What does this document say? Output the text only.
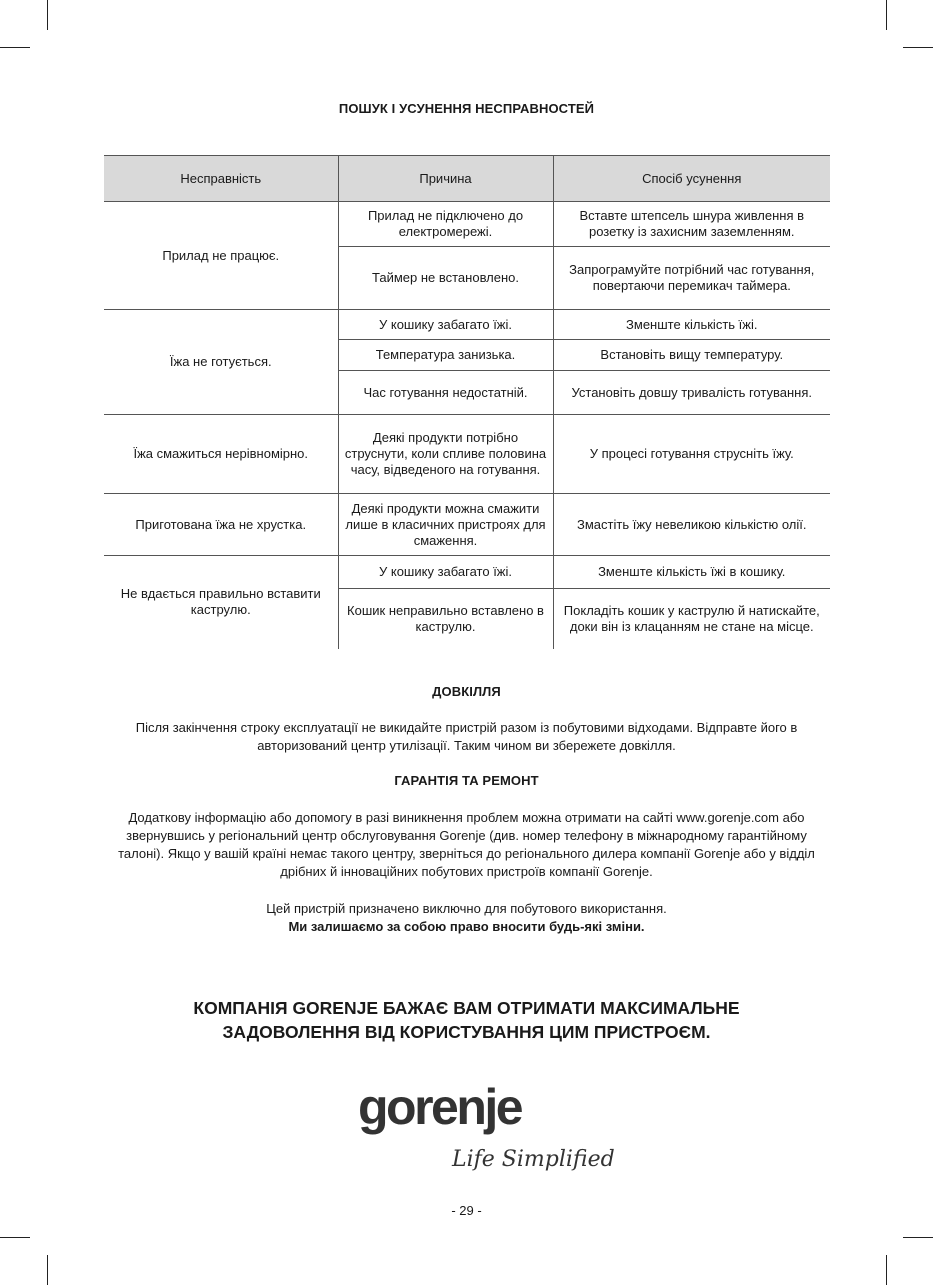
ПОШУК І УСУНЕННЯ НЕСПРАВНОСТЕЙ
Несправність	Причина	Спосіб усунення
Прилад не працює.	Прилад не підключено до електромережі.	Вставте штепсель шнура живлення в розетку із захисним заземленням.
	Таймер не встановлено.	Запрограмуйте потрібний час готування, повертаючи перемикач таймера.
Їжа не готується.	У кошику забагато їжі.	Зменште кількість їжі.
	Температура занизька.	Встановіть вищу температуру.
	Час готування недостатній.	Установіть довшу тривалість готування.
Їжа смажиться нерівномірно.	Деякі продукти потрібно струснути, коли спливе половина часу, відведеного на готування.	У процесі готування струсніть їжу.
Приготована їжа не хрустка.	Деякі продукти можна смажити лише в класичних пристроях для смаження.	Змастіть їжу невеликою кількістю олії.
Не вдається правильно вставити каструлю.	У кошику забагато їжі.	Зменште кількість їжі в кошику.
	Кошик неправильно вставлено в каструлю.	Покладіть кошик у каструлю й натискайте, доки він із клацанням не стане на місце.
ДОВКІЛЛЯ
Після закінчення строку експлуатації не викидайте пристрій разом із побутовими відходами. Відправте його в авторизований центр утилізації. Таким чином ви збережете довкілля.
ГАРАНТІЯ ТА РЕМОНТ
Додаткову інформацію або допомогу в разі виникнення проблем можна отримати на сайті www.gorenje.com або звернувшись у регіональний центр обслуговування Gorenje (див. номер телефону в міжнародному гарантійному талоні). Якщо у вашій країні немає такого центру, зверніться до регіонального дилера компанії Gorenje або у відділ дрібних й інноваційних побутових пристроїв компанії Gorenje.
Цей пристрій призначено виключно для побутового використання.
Ми залишаємо за собою право вносити будь-які зміни.
КОМПАНІЯ GORENJE БАЖАЄ ВАМ ОТРИМАТИ МАКСИМАЛЬНЕ
ЗАДОВОЛЕННЯ ВІД КОРИСТУВАННЯ ЦИМ ПРИСТРОЄМ.
gorenje
Life Simplified
- 29 -
